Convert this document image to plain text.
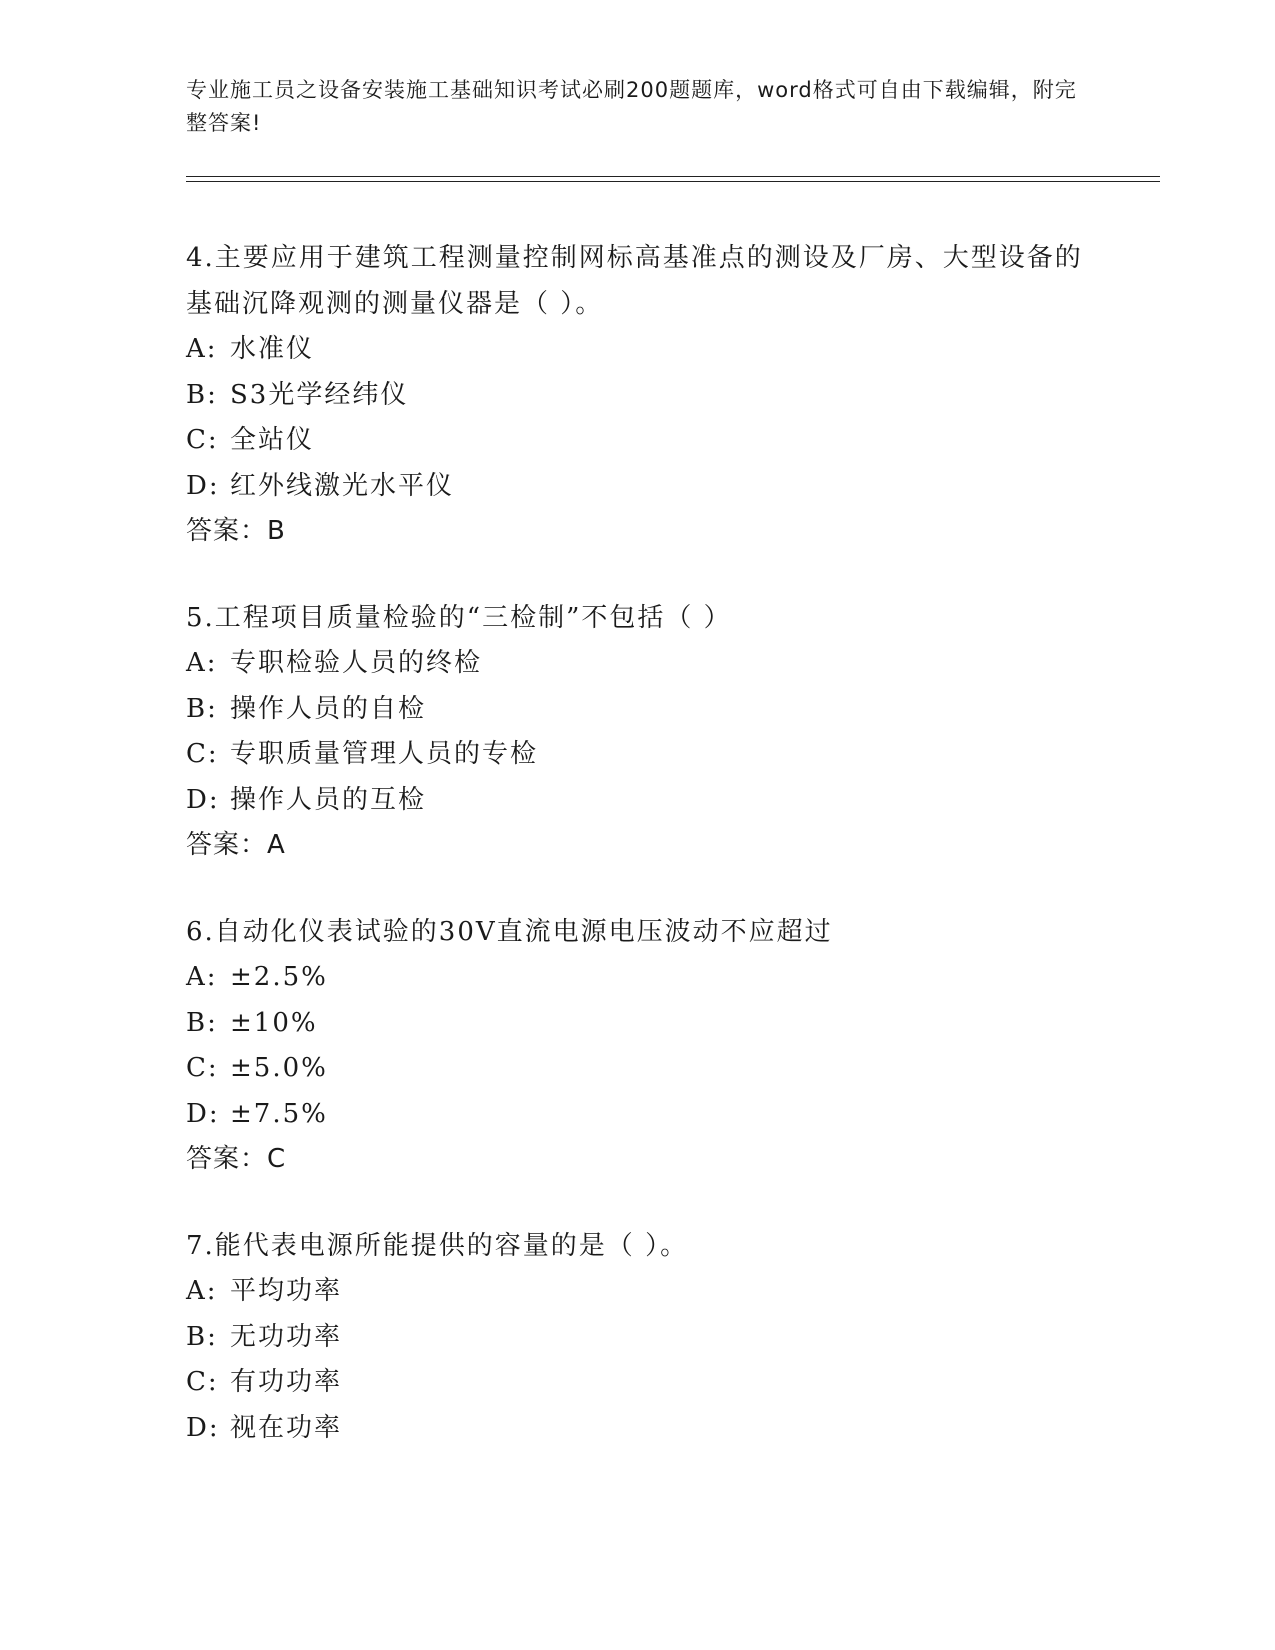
专业施工员之设备安装施工基础知识考试必刷200题题库，word格式可自由下载编辑，附完整答案!
4.主要应用于建筑工程测量控制网标高基准点的测设及厂房、大型设备的基础沉降观测的测量仪器是（ ）。
A: 水准仪
B: S3光学经纬仪
C: 全站仪
D: 红外线激光水平仪
答案：B
5.工程项目质量检验的“三检制”不包括（ ）
A: 专职检验人员的终检
B: 操作人员的自检
C: 专职质量管理人员的专检
D: 操作人员的互检
答案：A
6.自动化仪表试验的30V直流电源电压波动不应超过
A: ±2.5%
B: ±10%
C: ±5.0%
D: ±7.5%
答案：C
7.能代表电源所能提供的容量的是（ ）。
A: 平均功率
B: 无功功率
C: 有功功率
D: 视在功率
